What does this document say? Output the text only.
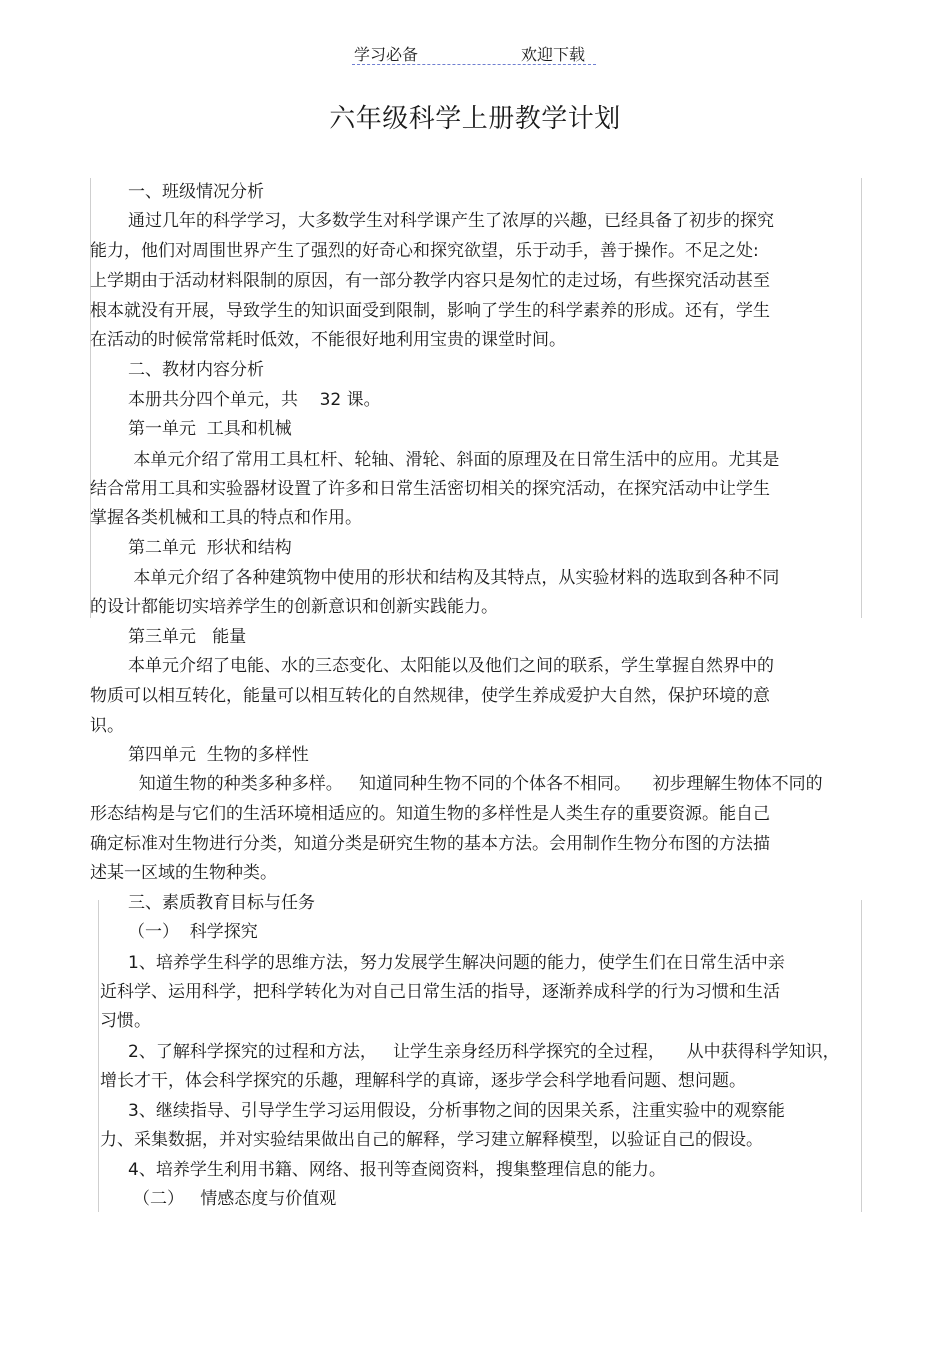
学习必备	欢迎下载
六年级科学上册教学计划
一、班级情况分析
通过几年的科学学习，大多数学生对科学课产生了浓厚的兴趣，已经具备了初步的探究
能力，他们对周围世界产生了强烈的好奇心和探究欲望，乐于动手，善于操作。不足之处:
上学期由于活动材料限制的原因，有一部分教学内容只是匆忙的走过场，有些探究活动甚至
根本就没有开展，导致学生的知识面受到限制，影响了学生的科学素养的形成。还有，学生
在活动的时候常常耗时低效，不能很好地利用宝贵的课堂时间。
二、教材内容分析
本册共分四个单元，共    32 课。
第一单元  工具和机械
本单元介绍了常用工具杠杆、轮轴、滑轮、斜面的原理及在日常生活中的应用。尤其是
结合常用工具和实验器材设置了许多和日常生活密切相关的探究活动，在探究活动中让学生
掌握各类机械和工具的特点和作用。
第二单元  形状和结构
本单元介绍了各种建筑物中使用的形状和结构及其特点，从实验材料的选取到各种不同
的设计都能切实培养学生的创新意识和创新实践能力。
第三单元   能量
本单元介绍了电能、水的三态变化、太阳能以及他们之间的联系，学生掌握自然界中的
物质可以相互转化，能量可以相互转化的自然规律，使学生养成爱护大自然，保护环境的意
识。
第四单元  生物的多样性
知道生物的种类多种多样。   知道同种生物不同的个体各不相同。    初步理解生物体不同的
形态结构是与它们的生活环境相适应的。知道生物的多样性是人类生存的重要资源。能自己
确定标准对生物进行分类，知道分类是研究生物的基本方法。会用制作生物分布图的方法描
述某一区域的生物种类。
三、素质教育目标与任务
（一）  科学探究
1、培养学生科学的思维方法，努力发展学生解决问题的能力，使学生们在日常生活中亲
近科学、运用科学，把科学转化为对自己日常生活的指导，逐渐养成科学的行为习惯和生活
习惯。
2、了解科学探究的过程和方法，   让学生亲身经历科学探究的全过程，    从中获得科学知识，
增长才干，体会科学探究的乐趣，理解科学的真谛，逐步学会科学地看问题、想问题。
3、继续指导、引导学生学习运用假设，分析事物之间的因果关系，注重实验中的观察能
力、采集数据，并对实验结果做出自己的解释，学习建立解释模型，以验证自己的假设。
4、培养学生利用书籍、网络、报刊等查阅资料，搜集整理信息的能力。
（二）   情感态度与价值观
